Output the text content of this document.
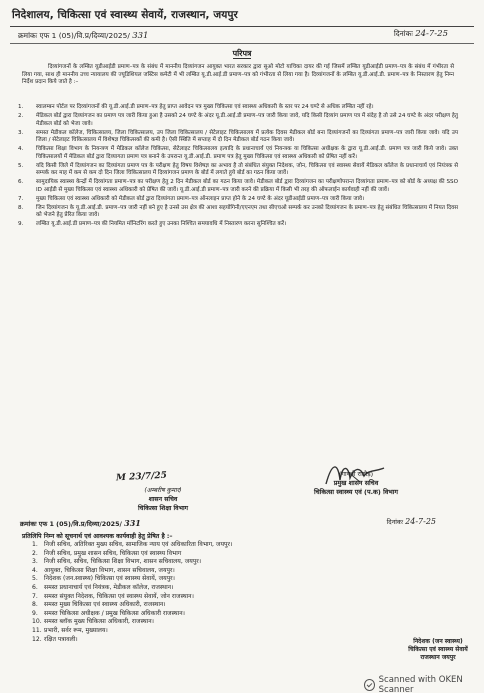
निदेशालय, चिकित्सा एवं स्वास्थ्य सेवायें, राजस्थान, जयपुर
क्रमांकः एफ 1 (05)/वि.प्र/दिव्या/2025/ 331	दिनांकः 24-7-25
परिपत्र
दिव्यांगजनों के लम्बित यूडीआईडी प्रमाण–पत्र के संबंध में माननीय दिव्यांगजन आयुक्त भारत सरकार द्वारा सुओ मोटो याचिका दायर की गई जिसमें लम्बित यूडीआईडी प्रमाण–पत्र के संबंध में गंभीरता से लिया गया, साथ ही माननीय उच्च न्यायालय की ज्यूडिशियल जस्टिस कमेटी में भी लम्बित यू.डी.आई.डी प्रमाण–पत्र को गंभीरता से लिया गया है। दिव्यांगजनों के लम्बित यू.डी.आई.डी. प्रमाण–पत्र के निस्तारण हेतु निम्न निर्देश प्रदान किये जाते है :–
1.	स्वालम्बन पोर्टल पर दिव्यांगजनों की यू.डी.आई.डी प्रमाण–पत्र हेतु प्राप्त आवेदन पत्र मुख्य चिकित्सा एवं स्वास्थ्य अधिकारी के स्तर पर 24 घण्टे से अधिक लम्बित नहीं रहे।
2.	मेडिकल बोर्ड द्वारा दिव्यांगजन का प्रमाण पत्र जारी किया हुआ है उसको 24 घण्टे के अंदर यू.डी.आई.डी प्रमाण–पत्र जारी किया जावे, यदि किसी दिव्यांग प्रमाण पत्र में संदेह है तो उसे 24 घण्टे के अंदर परीक्षण हेतु मेडीकल बोर्ड को भेजा जावे।
3.	समस्त मेडीकल कॉलेज, चिकित्सालय, जिला चिकित्सालय, उप जिला चिकित्सालय / सेटेलाइट चिकित्सालय में प्रत्येक दिवस मेडीकल बोर्ड बना दिव्यांगजनों का दिव्यांगता प्रमाण–पत्र जारी किया जावे। यदि उप जिला / सेटेलाइट चिकित्सालय में विशेषज्ञ चिकित्सकों की कमी है। ऐसी स्थिति में सप्ताह में दो दिन मेडीकल बोर्ड गठन किया जावे।
4.	चिकित्सा शिक्षा विभाग के नियन्त्रण में मेडिकल कॉलेज चिकित्सा, सेटेलाइट चिकित्सालय इत्यादि के प्रधानाचार्य एवं नियन्त्रक या चिकित्सा अधीक्षक के द्वारा यू.डी.आई.डी. प्रमाण पत्र जारी किये जावे। उक्त चिकित्सालयों में मेडिकल बोर्ड द्वारा दिव्यागता प्रमाण पत्र बनाने के उपरान्त यू.डी.आई.डी. प्रमाण पत्र हेतु मुख्य चिकित्सा एवं स्वास्थ्य अधिकारी को प्रेषित नहीं करें।
5.	यदि किसी जिले में दिव्यांगजन का दिव्यांगता प्रमाण पत्र के परीक्षण हेतु विषय विशेषज्ञ का अभाव है तो संबंधित संयुक्त निदेशक, जोन, चिकित्सा एवं स्वास्थ्य सेवायें मेडिकल कॉलेज के प्रधानाचार्य एवं नियंत्रक से सम्पर्क कर माह में कम से कम दो दिन जिला चिकित्सालय में दिव्यांगजन प्रमाण के बोर्ड में लगाते हुये बोर्ड का गठन किया जावें।
6.	सामुदायिक स्वास्थ्य केन्द्रों में दिव्यांगता प्रमाण–पत्र का परीक्षण हेतु 2 दिन मेडीकल बोर्ड का गठन किया जावे। मेडीकल बोर्ड द्वारा दिव्यांगजन का परीक्षणोपरान्त दिव्यांगता प्रमाण–पत्र को बोर्ड के अध्यक्ष की SSO ID आईडी से मुख्य चिकित्सा एवं स्वास्थ्य अधिकारी को प्रेषित की जावें। यू.डी.आई.डी प्रमाण–पत्र जारी करने की प्रक्रिया में किसी भी तरह की ऑफलाईन कार्यवाही नहीं की जावें।
7.	मुख्य चिकित्सा एवं स्वास्थ्य अधिकारी को मेडीकल बोर्ड द्वारा दिव्यांगता प्रमाण–पत्र ऑनलाइन प्राप्त होने के 24 घण्टे के अंदर यूडीआईडी प्रमाण–पत्र जारी किया जावे।
8.	जिन दिव्यांगजन के यू.डी.आई.डी. प्रमाण–पत्र जारी नहीं बने हुए है उनसे उस क्षेत्र की आशा सहयोगिनी/एएनएम तथा सीएचओ सम्पर्क कर उनको दिव्यांगजन के प्रमाण–पत्र हेतु संबंधित चिकित्सालय में नियत दिवस को भेजने हेतु प्रेरित किया जावे।
9.	लम्बित यू.डी.आई.डी प्रमाण–पत्र की नियमित मॉनिटरिंग करते हुए उनका निश्चित समयावधि में निस्तारण करना सुनिश्चित करें।
M 23/7/25
(अम्बरीष कुमार)
शासन सचिव
चिकित्सा शिक्षा विभाग
(गायत्री राठौड़)
प्रमुख शासन सचिव
चिकित्सा स्वास्थ्य एवं (प.क) विभाग
क्रमांकः एफ 1 (05)/वि.प्र/दिव्या/2025/ 331	दिनांकः 24-7-25
प्रतिलिपि निम्न को सूचनार्थ एवं आवश्यक कार्यवाही हेतु प्रेषित है :–
1.	निजी सचिव, अतिरिक्त मुख्य सचिव, सामाजिक न्याय एवं अधिकारिता विभाग, जयपुर।
2.	निजी सचिव, प्रमुख शासन सचिव, चिकित्सा एवं स्वास्थ्य विभाग
3.	निजी सचिव, सचिव, चिकित्सा शिक्षा विभाग, शासन सचिवालय, जयपुर।
4.	आयुक्त, चिकित्सा शिक्षा विभाग, शासन सचिवालय, जयपुर।
5.	निदेशक (जन.स्वास्थ्य) चिकित्सा एवं स्वास्थ्य सेवायें, जयपुर।
6.	समस्त प्रधानाचार्य एवं नियंत्रक, मेडीकल कॉलेज, राजस्थान।
7.	समस्त संयुक्त निदेशक, चिकित्सा एवं स्वास्थ्य सेवायें, जोन राजस्थान।
8.	समस्त मुख्य चिकित्सा एवं स्वास्थ्य अधिकारी, राजस्थान।
9.	समस्त चिकित्सा अधीक्षक / प्रमुख चिकित्सा अधिकारी राजस्थान।
10. समस्त ब्लॉक मुख्य चिकित्सा अधिकारी, राजस्थान।
11. प्रभारी, सर्वर रूम, मुख्यालय।
12. रक्षित पत्रावली।	निदेशक (जन स्वास्थ्य)
चिकित्सा एवं स्वास्थ्य सेवायें
राजस्थान जयपुर
Scanned with OKEN Scanner
